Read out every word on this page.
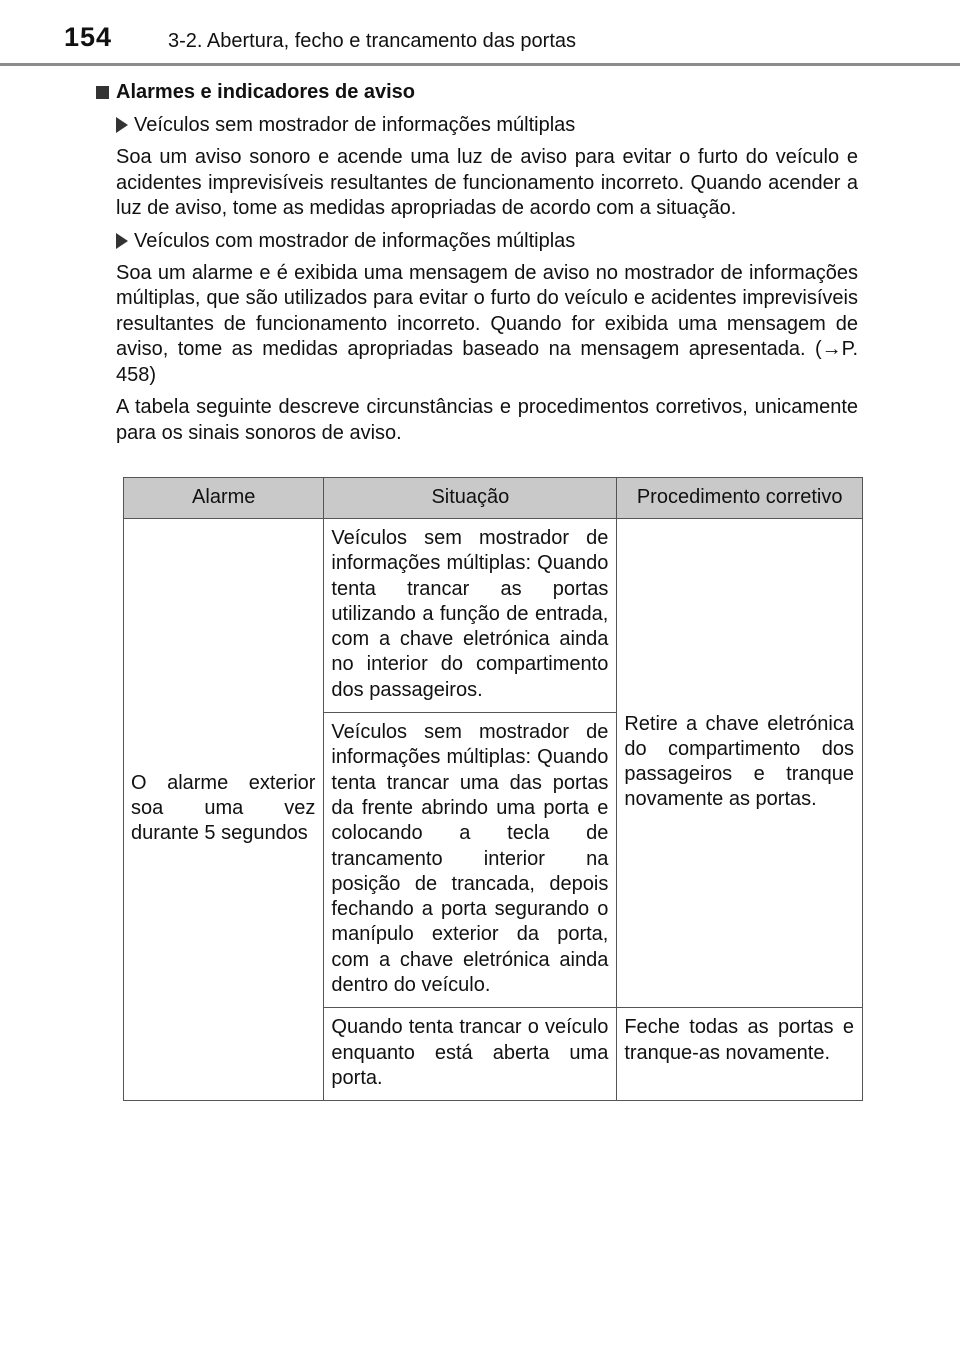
154	3-2. Abertura, fecho e trancamento das portas
Alarmes e indicadores de aviso
Veículos sem mostrador de informações múltiplas

Soa um aviso sonoro e acende uma luz de aviso para evitar o furto do veículo e acidentes imprevisíveis resultantes de funcionamento incorreto. Quando acender a luz de aviso, tome as medidas apropriadas de acordo com a situação.

Veículos com mostrador de informações múltiplas

Soa um alarme e é exibida uma mensagem de aviso no mostrador de informações múltiplas, que são utilizados para evitar o furto do veículo e acidentes imprevisíveis resultantes de funcionamento incorreto. Quando for exibida uma mensagem de aviso, tome as medidas apropriadas baseado na mensagem apresentada. (→P. 458)

A tabela seguinte descreve circunstâncias e procedimentos corretivos, unicamente para os sinais sonoros de aviso.

Alarme	Situação	Procedimento corretivo
O alarme exterior soa uma vez durante 5 segundos	Veículos sem mostrador de informações múltiplas: Quando tenta trancar as portas utilizando a função de entrada, com a chave eletrónica ainda no interior do compartimento dos passageiros.	Retire a chave eletrónica do compartimento dos passageiros e tranque novamente as portas.
	Veículos sem mostrador de informações múltiplas: Quando tenta trancar uma das portas da frente abrindo uma porta e colocando a tecla de trancamento interior na posição de trancada, depois fechando a porta segurando o manípulo exterior da porta, com a chave eletrónica ainda dentro do veículo.	
	Quando tenta trancar o veículo enquanto está aberta uma porta.	Feche todas as portas e tranque-as novamente.
